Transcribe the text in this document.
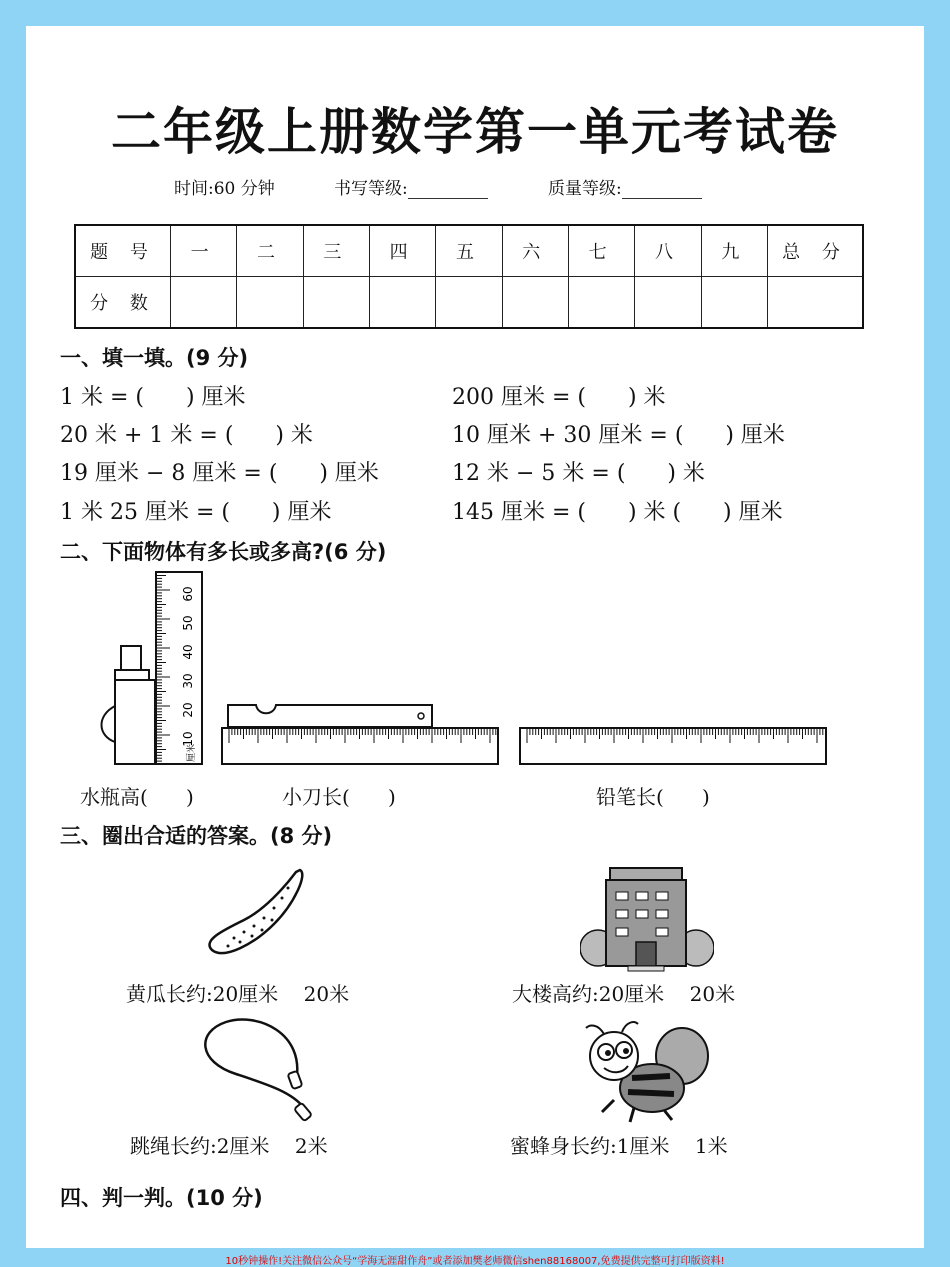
二年级上册数学第一单元考试卷
时间:60 分钟	书写等级:	质量等级:
题 号	一	二	三	四	五	六	七	八	九	总 分
分 数										
一、填一填。(9 分)
1 米 = (      ) 厘米
20 米 + 1 米 = (      ) 米
19 厘米 − 8 厘米 = (      ) 厘米
1 米 25 厘米 = (      ) 厘米
200 厘米 = (      ) 米
10 厘米 + 30 厘米 = (      ) 厘米
12 米 − 5 米 = (      ) 米
145 厘米 = (      ) 米 (      ) 厘米
二、下面物体有多长或多高?(6 分)
10
20
30
40
50
60
厘米
水瓶高(      )	小刀长(      )	铅笔长(      )
三、圈出合适的答案。(8 分)
黄瓜长约:20厘米    20米	大楼高约:20厘米    20米
跳绳长约:2厘米    2米	蜜蜂身长约:1厘米    1米
四、判一判。(10 分)
10秒钟操作!关注微信公众号“学海无涯甜作舟”或者添加樊老师微信shen88168007,免费提供完整可打印版资料!
